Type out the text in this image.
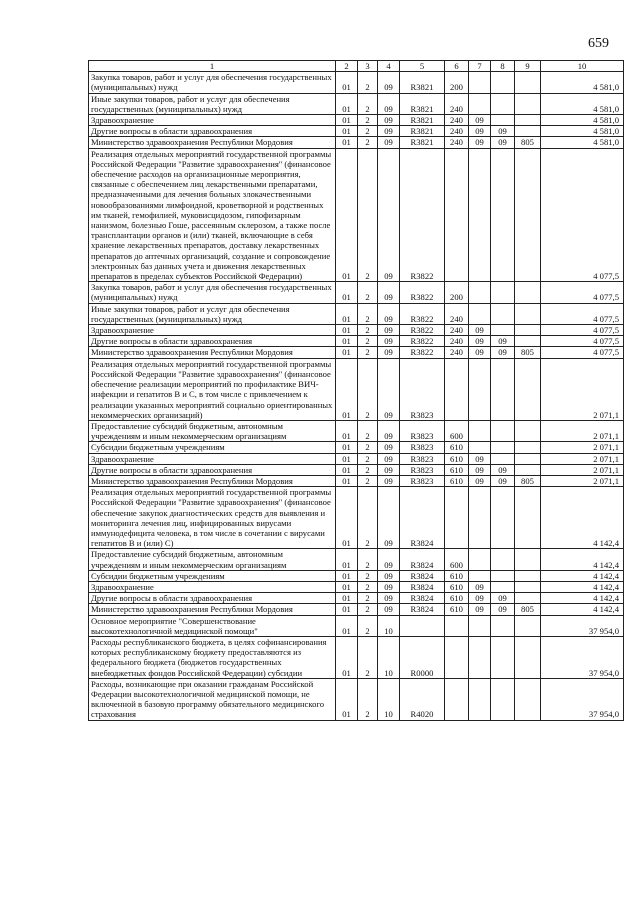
659
1	2	3	4	5	6	7	8	9	10
Закупка товаров, работ и услуг для обеспечения государственных (муниципальных) нужд	01	2	09	R3821	200				4 581,0
Иные закупки товаров, работ и услуг для обеспечения государственных (муниципальных) нужд	01	2	09	R3821	240				4 581,0
Здравоохранение	01	2	09	R3821	240	09			4 581,0
Другие вопросы в области здравоохранения	01	2	09	R3821	240	09	09		4 581,0
Министерство здравоохранения Республики Мордовия	01	2	09	R3821	240	09	09	805	4 581,0
Реализация отдельных мероприятий государственной программы Российской Федерации "Развитие здравоохранения" (финансовое обеспечение расходов на организационные мероприятия, связанные с обеспечением лиц лекарственными препаратами, предназначенными для лечения больных злокачественными новообразованиями лимфоидной, кроветворной и родственных им тканей, гемофилией, муковисцидозом, гипофизарным нанизмом, болезнью Гоше, рассеянным склерозом, а также после трансплантации органов и (или) тканей, включающие в себя хранение лекарственных препаратов, доставку лекарственных препаратов до аптечных организаций, создание и сопровождение электронных баз данных учета и движения лекарственных препаратов в пределах субъектов Российской Федерации)	01	2	09	R3822					4 077,5
Закупка товаров, работ и услуг для обеспечения государственных (муниципальных) нужд	01	2	09	R3822	200				4 077,5
Иные закупки товаров, работ и услуг для обеспечения государственных (муниципальных) нужд	01	2	09	R3822	240				4 077,5
Здравоохранение	01	2	09	R3822	240	09			4 077,5
Другие вопросы в области здравоохранения	01	2	09	R3822	240	09	09		4 077,5
Министерство здравоохранения Республики Мордовия	01	2	09	R3822	240	09	09	805	4 077,5
Реализация отдельных мероприятий государственной программы Российской Федерации "Развитие здравоохранения" (финансовое обеспечение реализации мероприятий по профилактике ВИЧ-инфекции и гепатитов В и С, в том числе с привлечением к реализации указанных мероприятий социально ориентированных некоммерческих организаций)	01	2	09	R3823					2 071,1
Предоставление субсидий бюджетным, автономным учреждениям и иным некоммерческим организациям	01	2	09	R3823	600				2 071,1
Субсидии бюджетным учреждениям	01	2	09	R3823	610				2 071,1
Здравоохранение	01	2	09	R3823	610	09			2 071,1
Другие вопросы в области здравоохранения	01	2	09	R3823	610	09	09		2 071,1
Министерство здравоохранения Республики Мордовия	01	2	09	R3823	610	09	09	805	2 071,1
Реализация отдельных мероприятий государственной программы Российской Федерации "Развитие здравоохранения" (финансовое обеспечение закупок диагностических средств для выявления и мониторинга лечения лиц, инфицированных вирусами иммунодефицита человека, в том числе в сочетании с вирусами гепатитов В и (или) С)	01	2	09	R3824					4 142,4
Предоставление субсидий бюджетным, автономным учреждениям и иным некоммерческим организациям	01	2	09	R3824	600				4 142,4
Субсидии бюджетным учреждениям	01	2	09	R3824	610				4 142,4
Здравоохранение	01	2	09	R3824	610	09			4 142,4
Другие вопросы в области здравоохранения	01	2	09	R3824	610	09	09		4 142,4
Министерство здравоохранения Республики Мордовия	01	2	09	R3824	610	09	09	805	4 142,4
Основное мероприятие "Совершенствование высокотехнологичной медицинской помощи"	01	2	10						37 954,0
Расходы республиканского бюджета, в целях софинансирования которых республиканскому бюджету предоставляются из федерального бюджета (бюджетов государственных внебюджетных фондов Российской Федерации) субсидии	01	2	10	R0000					37 954,0
Расходы, возникающие при оказании гражданам Российской Федерации высокотехнологичной медицинской помощи, не включенной в базовую программу обязательного медицинского страхования	01	2	10	R4020					37 954,0
